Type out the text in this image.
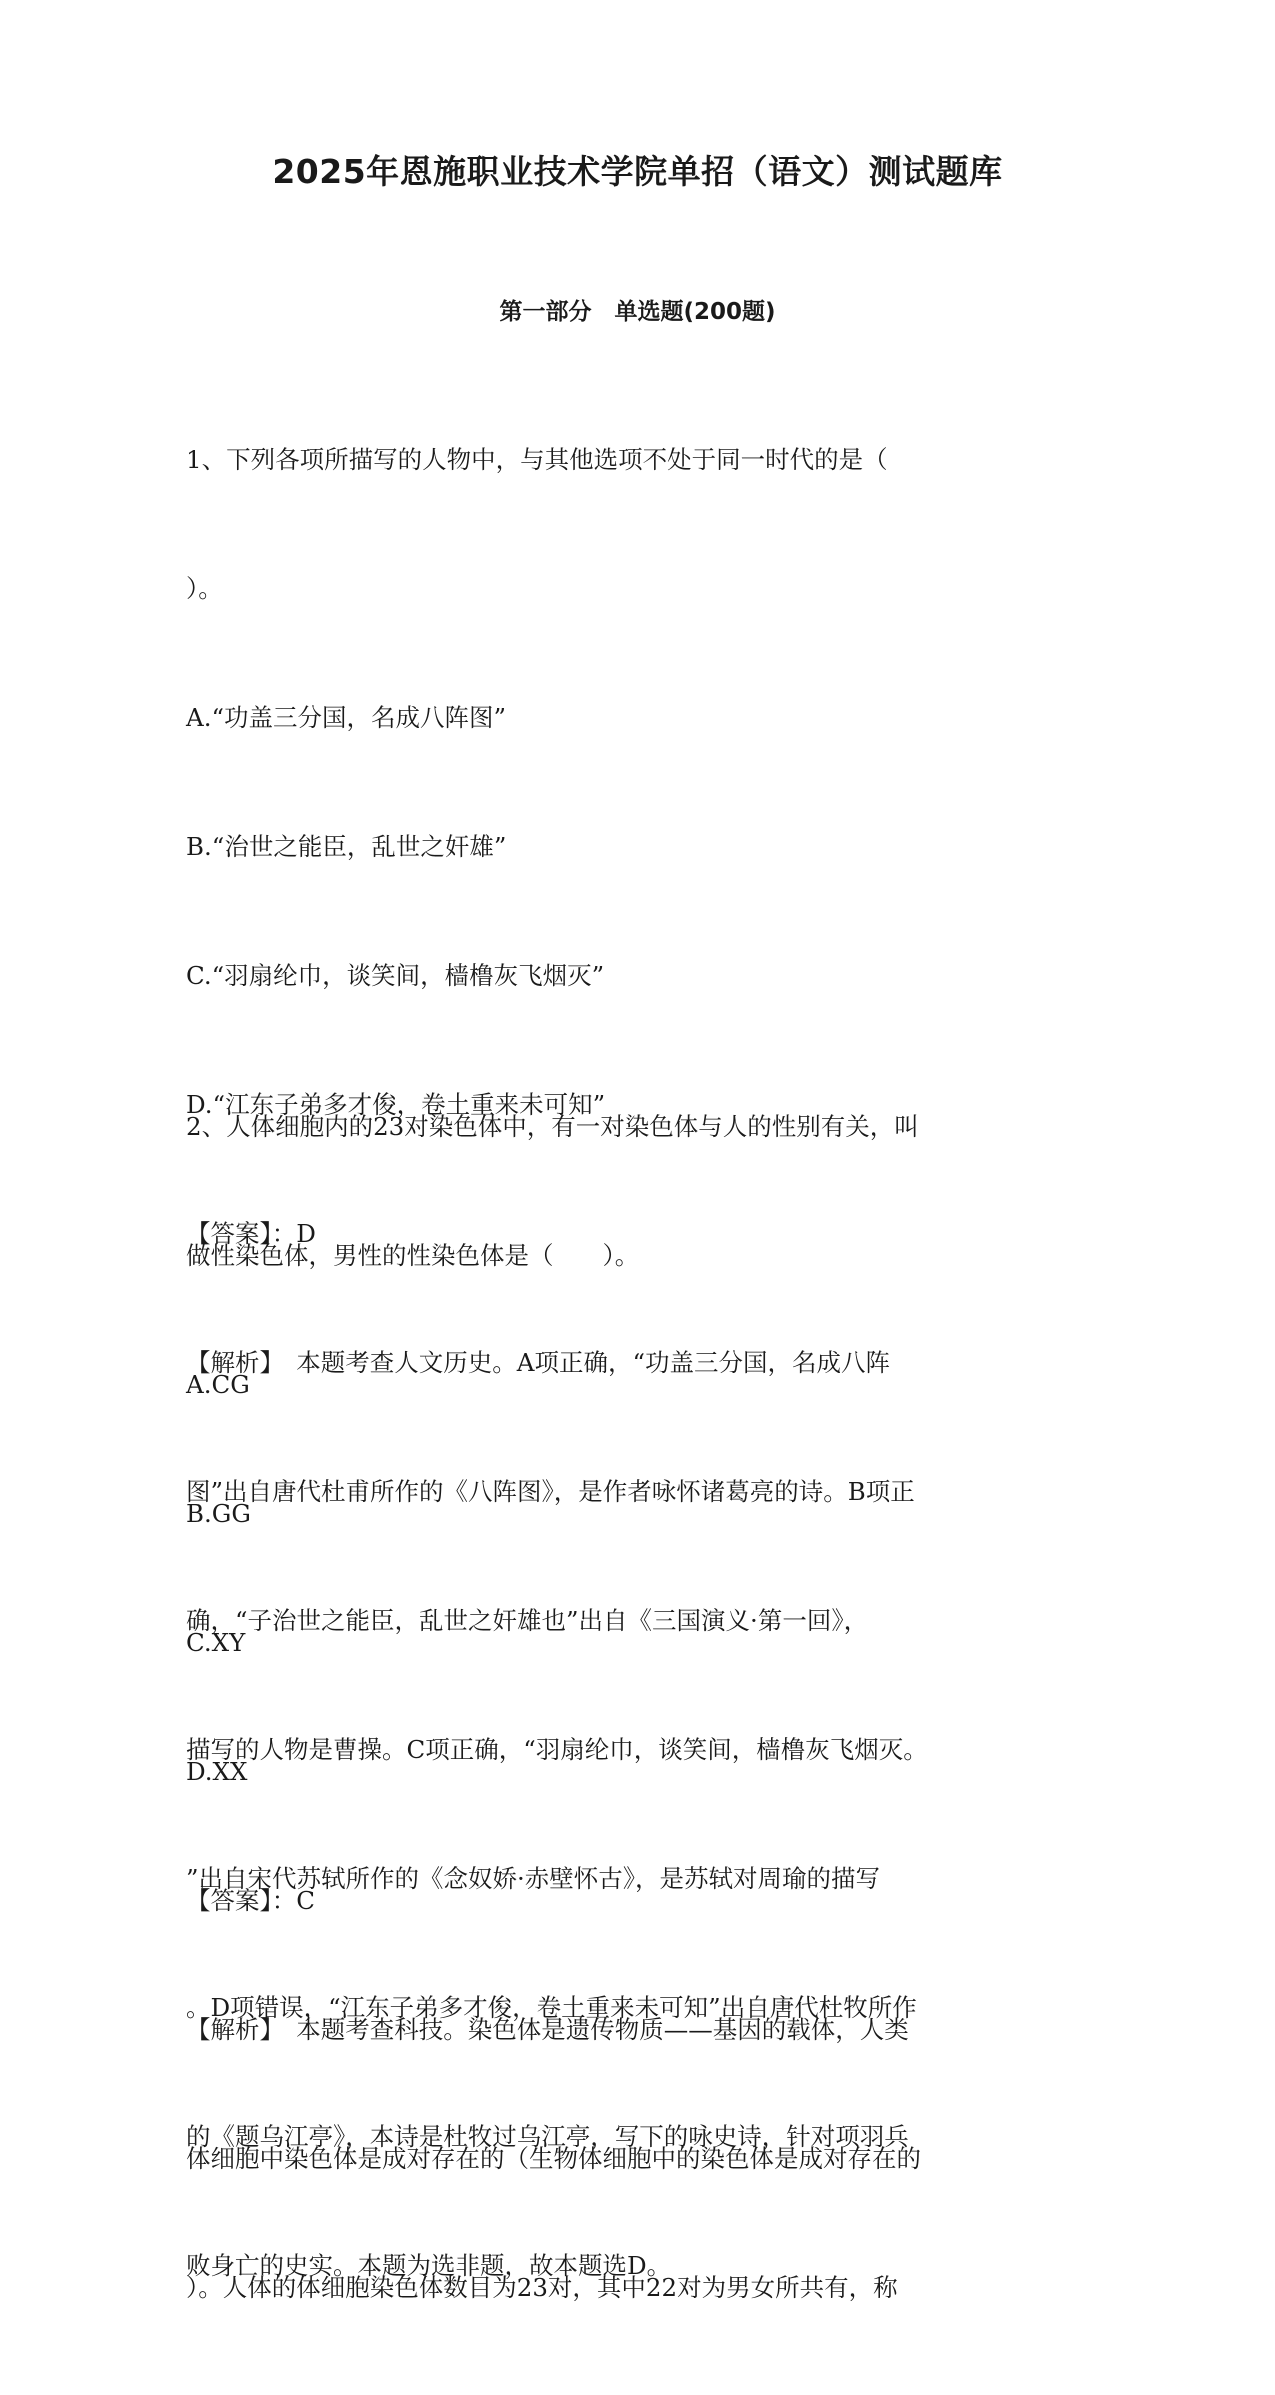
2025年恩施职业技术学院单招（语文）测试题库
第一部分　单选题(200题)

1、下列各项所描写的人物中，与其他选项不处于同一时代的是（

）。

A.“功盖三分国，名成八阵图”

B.“治世之能臣，乱世之奸雄”

C.“羽扇纶巾，谈笑间，樯橹灰飞烟灭”

D.“江东子弟多才俊，卷土重来未可知”

【答案】：D

【解析】　本题考查人文历史。A项正确，“功盖三分国，名成八阵

图”出自唐代杜甫所作的《八阵图》，是作者咏怀诸葛亮的诗。B项正

确，“子治世之能臣，乱世之奸雄也”出自《三国演义·第一回》，

描写的人物是曹操。C项正确，“羽扇纶巾，谈笑间，樯橹灰飞烟灭。

”出自宋代苏轼所作的《念奴娇·赤壁怀古》，是苏轼对周瑜的描写

。D项错误，“江东子弟多才俊，卷土重来未可知”出自唐代杜牧所作

的《题乌江亭》，本诗是杜牧过乌江亭，写下的咏史诗，针对项羽兵

败身亡的史实。本题为选非题，故本题选D。

2、人体细胞内的23对染色体中，有一对染色体与人的性别有关，叫

做性染色体，男性的性染色体是（　　）。

A.CG

B.GG

C.XY

D.XX

【答案】：C

【解析】　本题考查科技。染色体是遗传物质——基因的载体，人类

体细胞中染色体是成对存在的（生物体细胞中的染色体是成对存在的

）。人体的体细胞染色体数目为23对，其中22对为男女所共有，称
